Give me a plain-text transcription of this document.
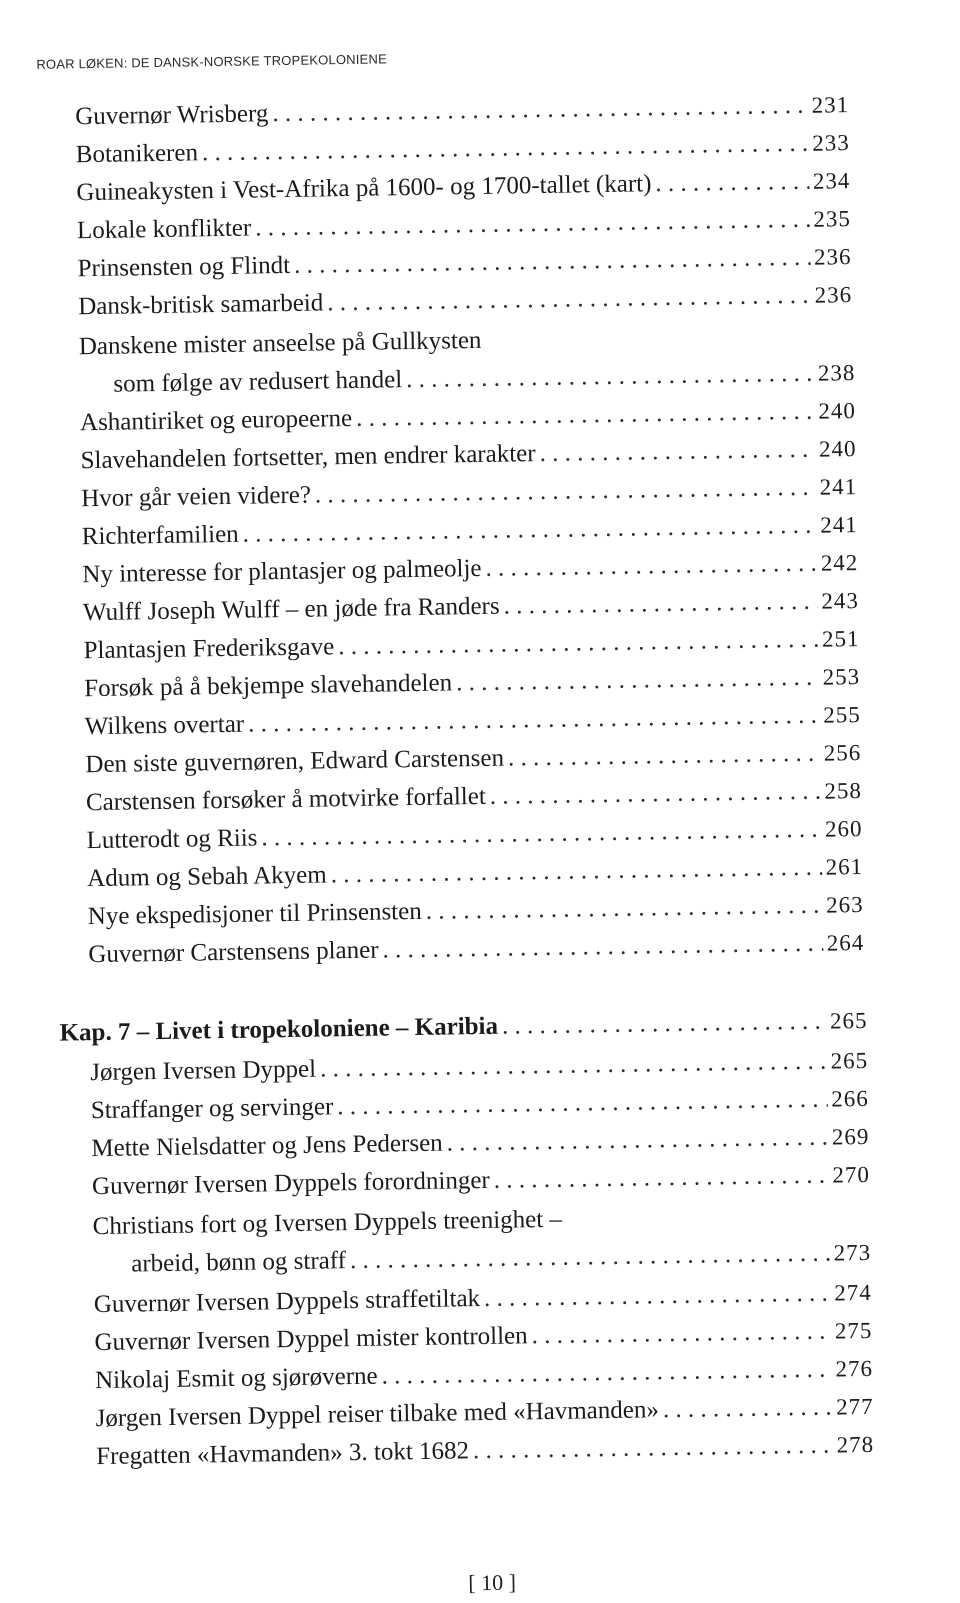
ROAR LØKEN: DE DANSK-NORSKE TROPEKOLONIENE
Guvernør Wrisberg . . .	231
Botanikeren . . .	233
Guineakysten i Vest-Afrika på 1600- og 1700-tallet (kart) . . .	234
Lokale konflikter . . .	235
Prinsensten og Flindt . . .	236
Dansk-britisk samarbeid . . .	236
Danskene mister anseelse på Gullkysten
som følge av redusert handel . . .	238
Ashantiriket og europeerne . . .	240
Slavehandelen fortsetter, men endrer karakter . . .	240
Hvor går veien videre? . . .	241
Richterfamilien . . .	241
Ny interesse for plantasjer og palmeolje . . .	242
Wulff Joseph Wulff – en jøde fra Randers . . .	243
Plantasjen Frederiksgave . . .	251
Forsøk på å bekjempe slavehandelen . . .	253
Wilkens overtar . . .	255
Den siste guvernøren, Edward Carstensen . . .	256
Carstensen forsøker å motvirke forfallet . . .	258
Lutterodt og Riis . . .	260
Adum og Sebah Akyem . . .	261
Nye ekspedisjoner til Prinsensten . . .	263
Guvernør Carstensens planer . . .	264
Kap. 7 – Livet i tropekoloniene – Karibia . . .	265
Jørgen Iversen Dyppel . . .	265
Straffanger og servinger . . .	266
Mette Nielsdatter og Jens Pedersen . . .	269
Guvernør Iversen Dyppels forordninger . . .	270
Christians fort og Iversen Dyppels treenighet –
arbeid, bønn og straff . . .	273
Guvernør Iversen Dyppels straffetiltak . . .	274
Guvernør Iversen Dyppel mister kontrollen . . .	275
Nikolaj Esmit og sjørøverne . . .	276
Jørgen Iversen Dyppel reiser tilbake med «Havmanden» . . .	277
Fregatten «Havmanden» 3. tokt 1682 . . .	278
[ 10 ]
